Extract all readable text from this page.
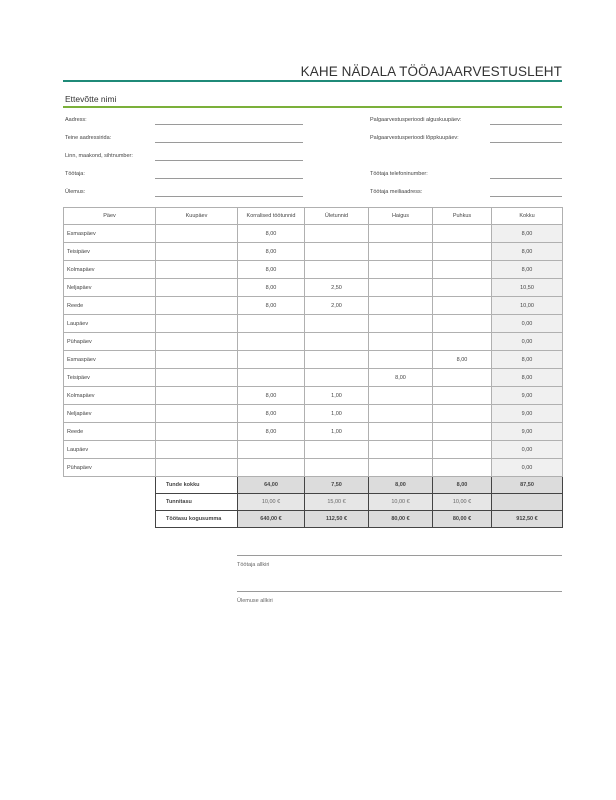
KAHE NÄDALA TÖÖAJAARVESTUSLEHT
Ettevõtte nimi
Aadress:
Teine aadressirida:
Linn, maakond, sihtnumber:
Töötaja:
Ülemus:
Palgaarvestusperioodi alguskuupäev:
Palgaarvestusperioodi lõppkuupäev:
Töötaja telefoninumber:
Töötaja meiliaadress:
Päev	Kuupäev	Korralised töötunnid	Ületunnid	Haigus	Puhkus	Kokku
Esmaspäev		8,00				8,00
Teisipäev		8,00				8,00
Kolmapäev		8,00				8,00
Neljapäev		8,00	2,50			10,50
Reede		8,00	2,00			10,00
Laupäev						0,00
Pühapäev						0,00
Esmaspäev					8,00	8,00
Teisipäev				8,00		8,00
Kolmapäev		8,00	1,00			9,00
Neljapäev		8,00	1,00			9,00
Reede		8,00	1,00			9,00
Laupäev						0,00
Pühapäev						0,00
	Tunde kokku	64,00	7,50	8,00	8,00	87,50
	Tunnitasu	10,00 €	15,00 €	10,00 €	10,00 €	
	Töötasu kogusumma	640,00 €	112,50 €	80,00 €	80,00 €	912,50 €
Töötaja allkiri
Ülemuse allkiri
